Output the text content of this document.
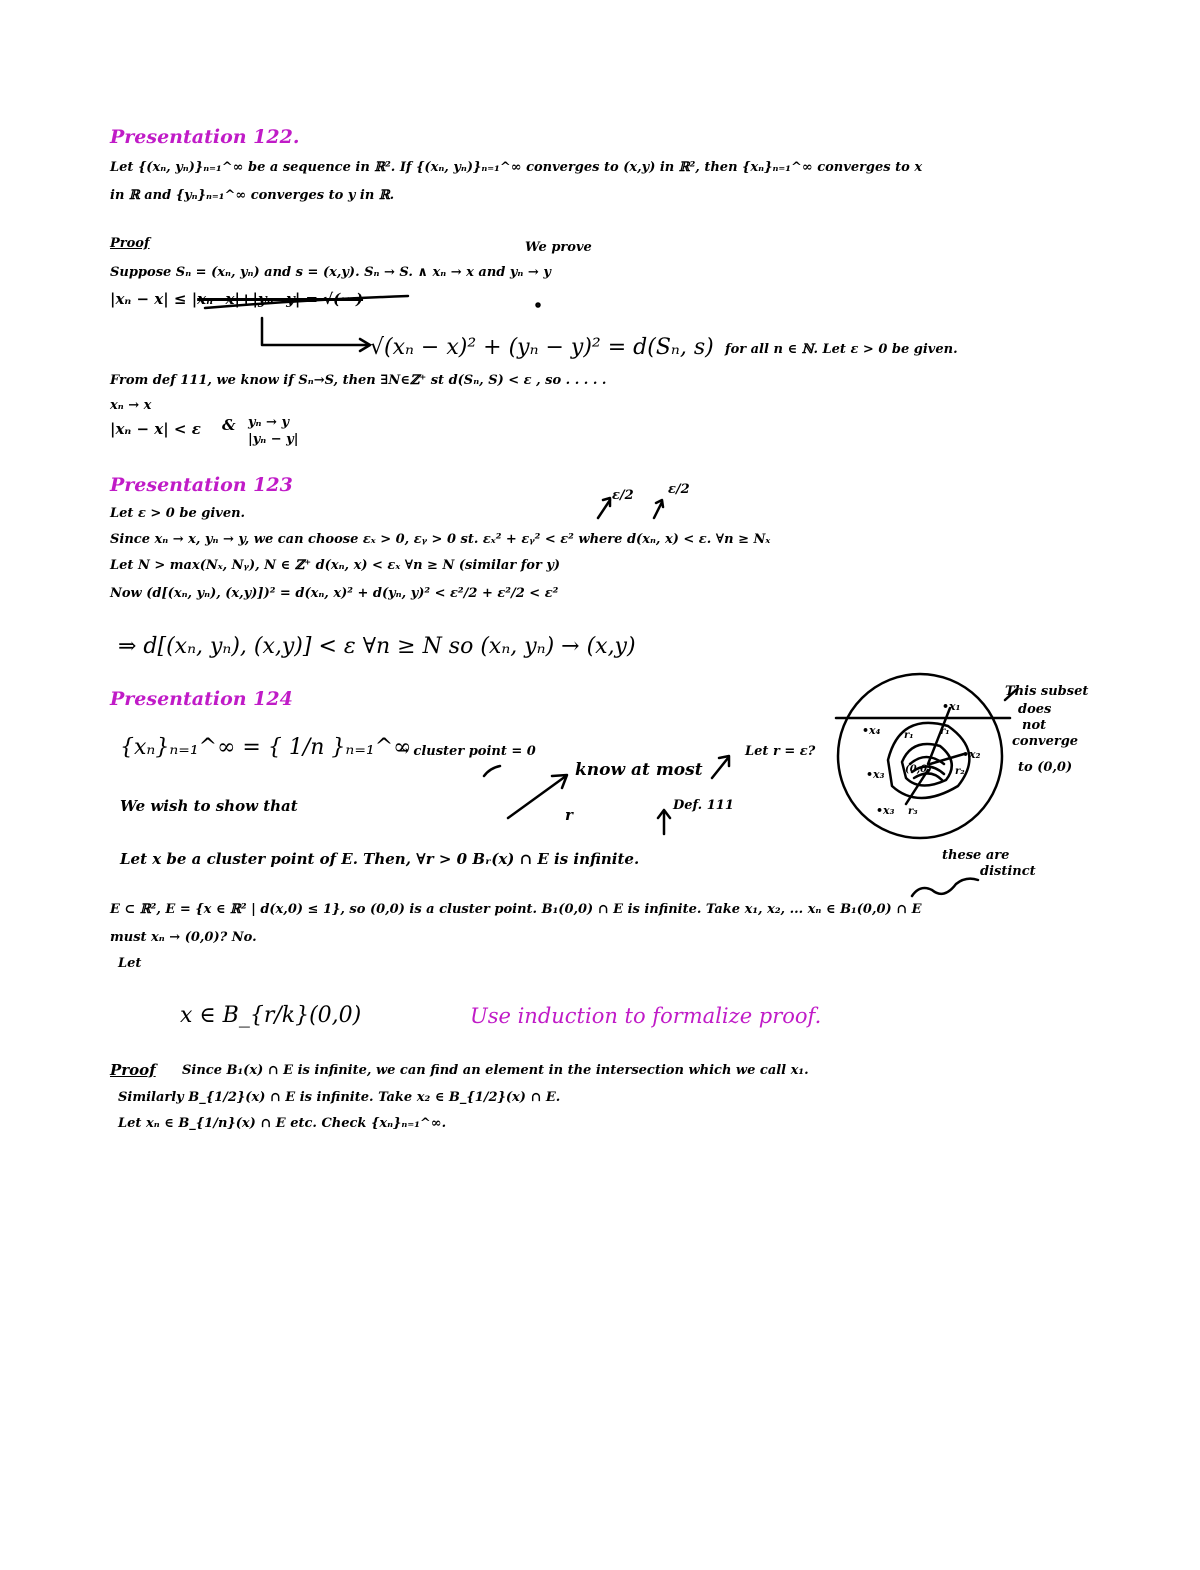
Presentation 122.
Let {(xₙ, yₙ)}ₙ₌₁^∞ be a sequence in ℝ². If {(xₙ, yₙ)}ₙ₌₁^∞ converges to (x,y) in ℝ², then {xₙ}ₙ₌₁^∞ converges to x
in ℝ and {yₙ}ₙ₌₁^∞ converges to y in ℝ.
Proof	We prove
Suppose Sₙ = (xₙ, yₙ) and s = (x,y). Sₙ → S. ∧ xₙ → x and yₙ → y
|xₙ − x| ≤ |xₙ−x|+|yₙ−y| = √(···)
√(xₙ − x)² + (yₙ − y)² = d(Sₙ, s) for all n ∈ ℕ. Let ε > 0 be given.
From def 111, we know if Sₙ→S, then ∃N∈ℤ⁺ st d(Sₙ, S) < ε , so . . . . .
xₙ → x
|xₙ − x| < ε & yₙ → y
|yₙ − y|
Presentation 123	ε/2	ε/2
Let ε > 0 be given.
Since xₙ → x, yₙ → y, we can choose εₓ > 0, εᵧ > 0 st. εₓ² + εᵧ² < ε² where d(xₙ, x) < ε. ∀n ≥ Nₓ
Let N > max(Nₓ, Nᵧ), N ∈ ℤ⁺ d(xₙ, x) < εₓ ∀n ≥ N (similar for y)
Now (d[(xₙ, yₙ), (x,y)])² = d(xₙ, x)² + d(yₙ, y)² < ε²/2 + ε²/2 < ε²
⇒ d[(xₙ, yₙ), (x,y)] < ε ∀n ≥ N so (xₙ, yₙ) → (x,y)
Presentation 124
{xₙ}ₙ₌₁^∞ = { 1/n }ₙ₌₁^∞
→ cluster point = 0
know at most
r
Let r = ε?
Def. 111
We wish to show that
Let x be a cluster point of E. Then, ∀r > 0 Bᵣ(x) ∩ E is infinite.
This subset
does
not
converge
to (0,0)
these are
distinct
•x₁
•x₄ r₁	r₁
(0,0) r₂
•x₂
•x₃
•x₃ r₃
E ⊂ ℝ², E = {x ∈ ℝ² | d(x,0) ≤ 1}, so (0,0) is a cluster point. B₁(0,0) ∩ E is infinite. Take x₁, x₂, ... xₙ ∈ B₁(0,0) ∩ E
must xₙ → (0,0)? No.
Let
x ∈ B_{r/k}(0,0)	Use induction to formalize proof.
Proof Since B₁(x) ∩ E is infinite, we can find an element in the intersection which we call x₁.
Similarly B_{1/2}(x) ∩ E is infinite. Take x₂ ∈ B_{1/2}(x) ∩ E.
Let xₙ ∈ B_{1/n}(x) ∩ E etc. Check {xₙ}ₙ₌₁^∞.
